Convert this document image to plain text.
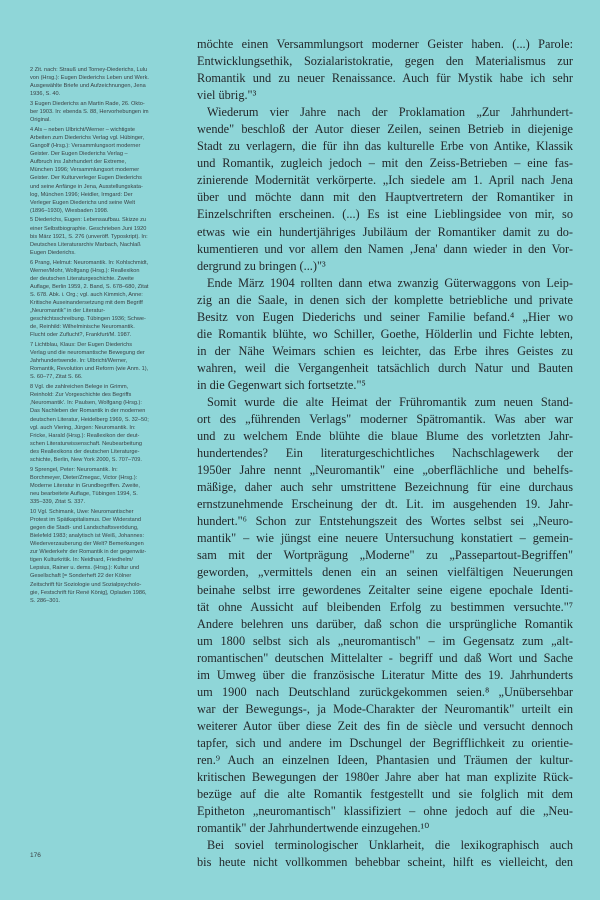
2 Zit. nach: Strauß und Torney-Diederichs, Lulu
von (Hrsg.): Eugen Diederichs Leben und Werk.
Ausgewählte Briefe und Aufzeichnungen, Jena
1936, S. 40.
3 Eugen Diederichs an Martin Rade, 26. Okto-
ber 1903. In: ebenda S. 88, Hervorhebungen im
Original.
4 Als – neben Ulbricht/Werner – wichtigste
Arbeiten zum Diederichs Verlag vgl. Hübinger,
Gangolf (Hrsg.): Versammlungsort moderner
Geister. Der Eugen Diederichs Verlag –
Aufbruch ins Jahrhundert der Extreme,
München 1996; Versammlungsort moderner
Geister. Der Kulturverleger Eugen Diederichs
und seine Anfänge in Jena, Ausstellungskata-
log, München 1996; Heidler, Irmgard: Der
Verleger Eugen Diederichs und seine Welt
(1896–1930), Wiesbaden 1998.
5 Diederichs, Eugen: Lebensaufbau. Skizze zu
einer Selbstbiographie. Geschrieben Juni 1920
bis März 1921, S. 276 (unveröff. Typoskript). In:
Deutsches Literaturarchiv Marbach, Nachlaß
Eugen Diederichs.
6 Prang, Helmut: Neuromantik. In: Kohlschmidt,
Werner/Mohr, Wolfgang (Hrsg.): Reallexikon
der deutschen Literaturgeschichte. Zweite
Auflage, Berlin 1959, 2. Band, S. 678–680, Zitat
S. 678. Abk. i. Org.; vgl. auch Kimmich, Anne:
Kritische Auseinandersetzung mit dem Begriff
„Neuromantik" in der Literatur-
geschichtsschreibung. Tübingen 1936; Schwe-
de, Reinhild: Wilhelminische Neuromantik.
Flucht oder Zuflucht?, Frankfurt/M. 1987.
7 Lichtblau, Klaus: Der Eugen Diederichs
Verlag und die neuromantische Bewegung der
Jahrhundertwende. In: Ulbricht/Werner,
Romantik, Revolution und Reform (wie Anm. 1),
S. 60–77, Zitat S. 66.
8 Vgl. die zahlreichen Belege in Grimm,
Reinhold: Zur Vorgeschichte des Begriffs
‚Neuromantik'. In: Paulsen, Wolfgang (Hrsg.):
Das Nachleben der Romantik in der modernen
deutschen Literatur, Heidelberg 1969, S. 32–50;
vgl. auch Viering, Jürgen: Neuromantik. In:
Fricke, Harald (Hrsg.): Reallexikon der deut-
schen Literaturwissenschaft. Neubearbeitung
des Reallexikons der deutschen Literaturge-
schichte, Berlin, New York 2000, S. 707–709.
9 Sprengel, Peter: Neuromantik. In:
Borchmeyer, Dieter/Zmegac, Victor (Hrsg.):
Moderne Literatur in Grundbegriffen. Zweite,
neu bearbeitete Auflage, Tübingen 1994, S.
335–339, Zitat S. 337.
10 Vgl. Schimank, Uwe: Neuromantischer
Protest im Spätkapitalismus. Der Widerstand
gegen die Stadt- und Landschaftsverödung,
Bielefeld 1983; analytisch ist Weiß, Johannes:
Wiederverzauberung der Welt? Bemerkungen
zur Wiederkehr der Romantik in der gegenwär-
tigen Kulturkritik. In: Neidhard, Friedhelm/
Lepsius, Rainer u. dems. (Hrsg.): Kultur und
Gesellschaft [= Sonderheft 22 der Kölner
Zeitschrift für Soziologie und Sozialpsycholo-
gie, Festschrift für René König], Opladen 1986,
S. 286–301.
möchte einen Versammlungsort moderner Geister haben. (...) Parole:
Entwicklungsethik, Sozialaristokratie, gegen den Materialismus zur
Romantik und zu neuer Renaissance. Auch für Mystik habe ich sehr
viel übrig."³
Wiederum vier Jahre nach der Proklamation „Zur Jahrhundert-
wende" beschloß der Autor dieser Zeilen, seinen Betrieb in diejenige
Stadt zu verlagern, die für ihn das kulturelle Erbe von Antike, Klassik
und Romantik, zugleich jedoch – mit den Zeiss-Betrieben – eine fas-
zinierende Modernität verkörperte. „Ich siedele am 1. April nach Jena
über und möchte dann mit den Hauptvertretern der Romantiker in
Einzelschriften erscheinen. (...) Es ist eine Lieblingsidee von mir, so
etwas wie ein hundertjähriges Jubiläum der Romantiker damit zu do-
kumentieren und vor allem den Namen ‚Jena' dann wieder in den Vor-
dergrund zu bringen (...)"³
Ende März 1904 rollten dann etwa zwanzig Güterwaggons von Leip-
zig an die Saale, in denen sich der komplette betriebliche und private
Besitz von Eugen Diederichs und seiner Familie befand.⁴ „Hier wo
die Romantik blühte, wo Schiller, Goethe, Hölderlin und Fichte lebten,
in der Nähe Weimars schien es leichter, das Erbe ihres Geistes zu
wahren, weil die Vergangenheit tatsächlich durch Natur und Bauten
in die Gegenwart sich fortsetzte."⁵
Somit wurde die alte Heimat der Frühromantik zum neuen Stand-
ort des „führenden Verlags" moderner Spätromantik. Was aber war
und zu welchem Ende blühte die blaue Blume des vorletzten Jahr-
hundertendes? Ein literaturgeschichtliches Nachschlagewerk der
1950er Jahre nennt „Neuromantik" eine „oberflächliche und behelfs-
mäßige, daher auch sehr umstrittene Bezeichnung für eine durchaus
ernstzunehmende Erscheinung der dt. Lit. im ausgehenden 19. Jahr-
hundert."⁶ Schon zur Entstehungszeit des Wortes selbst sei „Neuro-
mantik" – wie jüngst eine neuere Untersuchung konstatiert – gemein-
sam mit der Wortprägung „Moderne" zu „Passepartout-Begriffen"
geworden, „vermittels denen ein an seinen vielfältigen Neuerungen
beinahe selbst irre gewordenes Zeitalter seine eigene epochale Identi-
tät ohne Aussicht auf bleibenden Erfolg zu bestimmen versuchte."⁷
Andere belehren uns darüber, daß schon die ursprüngliche Romantik
um 1800 selbst sich als „neuromantisch" – im Gegensatz zum „alt-
romantischen" deutschen Mittelalter - begriff und daß Wort und Sache
im Umweg über die französische Literatur Mitte des 19. Jahrhunderts
um 1900 nach Deutschland zurückgekommen seien.⁸ „Unübersehbar
war der Bewegungs-, ja Mode-Charakter der Neuromantik" urteilt ein
weiterer Autor über diese Zeit des fin de siècle und versucht dennoch
tapfer, sich und andere im Dschungel der Begrifflichkeit zu orientie-
ren.⁹ Auch an einzelnen Ideen, Phantasien und Träumen der kultur-
kritischen Bewegungen der 1980er Jahre aber hat man explizite Rück-
bezüge auf die alte Romantik festgestellt und sie folglich mit dem
Epitheton „neuromantisch" klassifiziert – ohne jedoch auf die „Neu-
romantik" der Jahrhundertwende einzugehen.¹⁰
Bei soviel terminologischer Unklarheit, die lexikographisch auch
bis heute nicht vollkommen behebbar scheint, hilft es vielleicht, den
176
